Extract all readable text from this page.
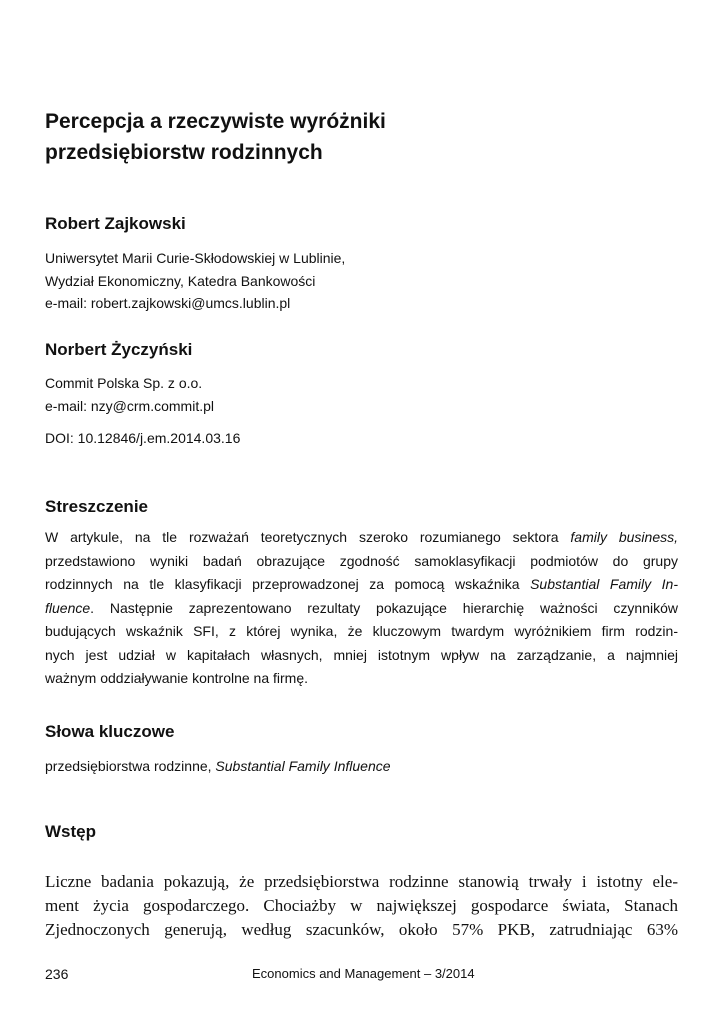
Percepcja a rzeczywiste wyróżniki
przedsiębiorstw rodzinnych
Robert Zajkowski
Uniwersytet Marii Curie-Skłodowskiej w Lublinie,
Wydział Ekonomiczny, Katedra Bankowości
e-mail: robert.zajkowski@umcs.lublin.pl
Norbert Życzyński
Commit Polska Sp. z o.o.
e-mail: nzy@crm.commit.pl
DOI: 10.12846/j.em.2014.03.16
Streszczenie
W artykule, na tle rozważań teoretycznych szeroko rozumianego sektora family business,
przedstawiono wyniki badań obrazujące zgodność samoklasyfikacji podmiotów do grupy
rodzinnych na tle klasyfikacji przeprowadzonej za pomocą wskaźnika Substantial Family In-
fluence. Następnie zaprezentowano rezultaty pokazujące hierarchię ważności czynników
budujących wskaźnik SFI, z której wynika, że kluczowym twardym wyróżnikiem firm rodzin-
nych jest udział w kapitałach własnych, mniej istotnym wpływ na zarządzanie, a najmniej
ważnym oddziaływanie kontrolne na firmę.
Słowa kluczowe
przedsiębiorstwa rodzinne, Substantial Family Influence
Wstęp
Liczne badania pokazują, że przedsiębiorstwa rodzinne stanowią trwały i istotny ele-
ment życia gospodarczego. Chociażby w największej gospodarce świata, Stanach
Zjednoczonych generują, według szacunków, około 57% PKB, zatrudniając 63%
236	Economics and Management – 3/2014
